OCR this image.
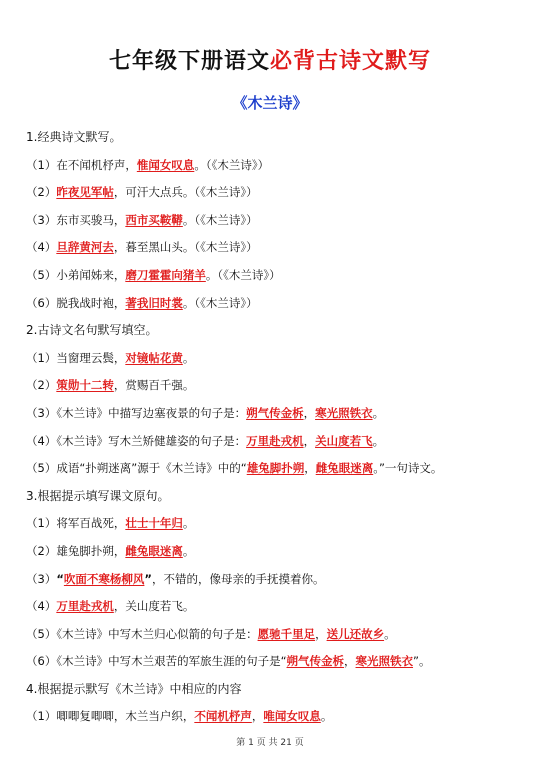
七年级下册语文必背古诗文默写
《木兰诗》
1.经典诗文默写。
（1）在不闻机杼声，惟闻女叹息。（《木兰诗》）
（2）昨夜见军帖，可汗大点兵。（《木兰诗》）
（3）东市买骏马，西市买鞍鞯。（《木兰诗》）
（4）旦辞黄河去，暮至黑山头。（《木兰诗》）
（5）小弟闻姊来，磨刀霍霍向猪羊。（《木兰诗》）
（6）脱我战时袍，著我旧时裳。（《木兰诗》）
2.古诗文名句默写填空。
（1）当窗理云鬓，对镜帖花黄。
（2）策勋十二转，赏赐百千强。
（3）《木兰诗》中描写边塞夜景的句子是：朔气传金柝，寒光照铁衣。
（4）《木兰诗》写木兰矫健雄姿的句子是：万里赴戎机，关山度若飞。
（5）成语“扑朔迷离”源于《木兰诗》中的“雄兔脚扑朔，雌兔眼迷离。”一句诗文。
3.根据提示填写课文原句。
（1）将军百战死，壮士十年归。
（2）雄兔脚扑朔，雌兔眼迷离。
（3）“吹面不寒杨柳风”，不错的，像母亲的手抚摸着你。
（4）万里赴戎机，关山度若飞。
（5）《木兰诗》中写木兰归心似箭的句子是：愿驰千里足，送儿还故乡。
（6）《木兰诗》中写木兰艰苦的军旅生涯的句子是“朔气传金柝，寒光照铁衣”。
4.根据提示默写《木兰诗》中相应的内容
（1）唧唧复唧唧，木兰当户织，不闻机杼声，唯闻女叹息。
第 1 页 共 21 页
